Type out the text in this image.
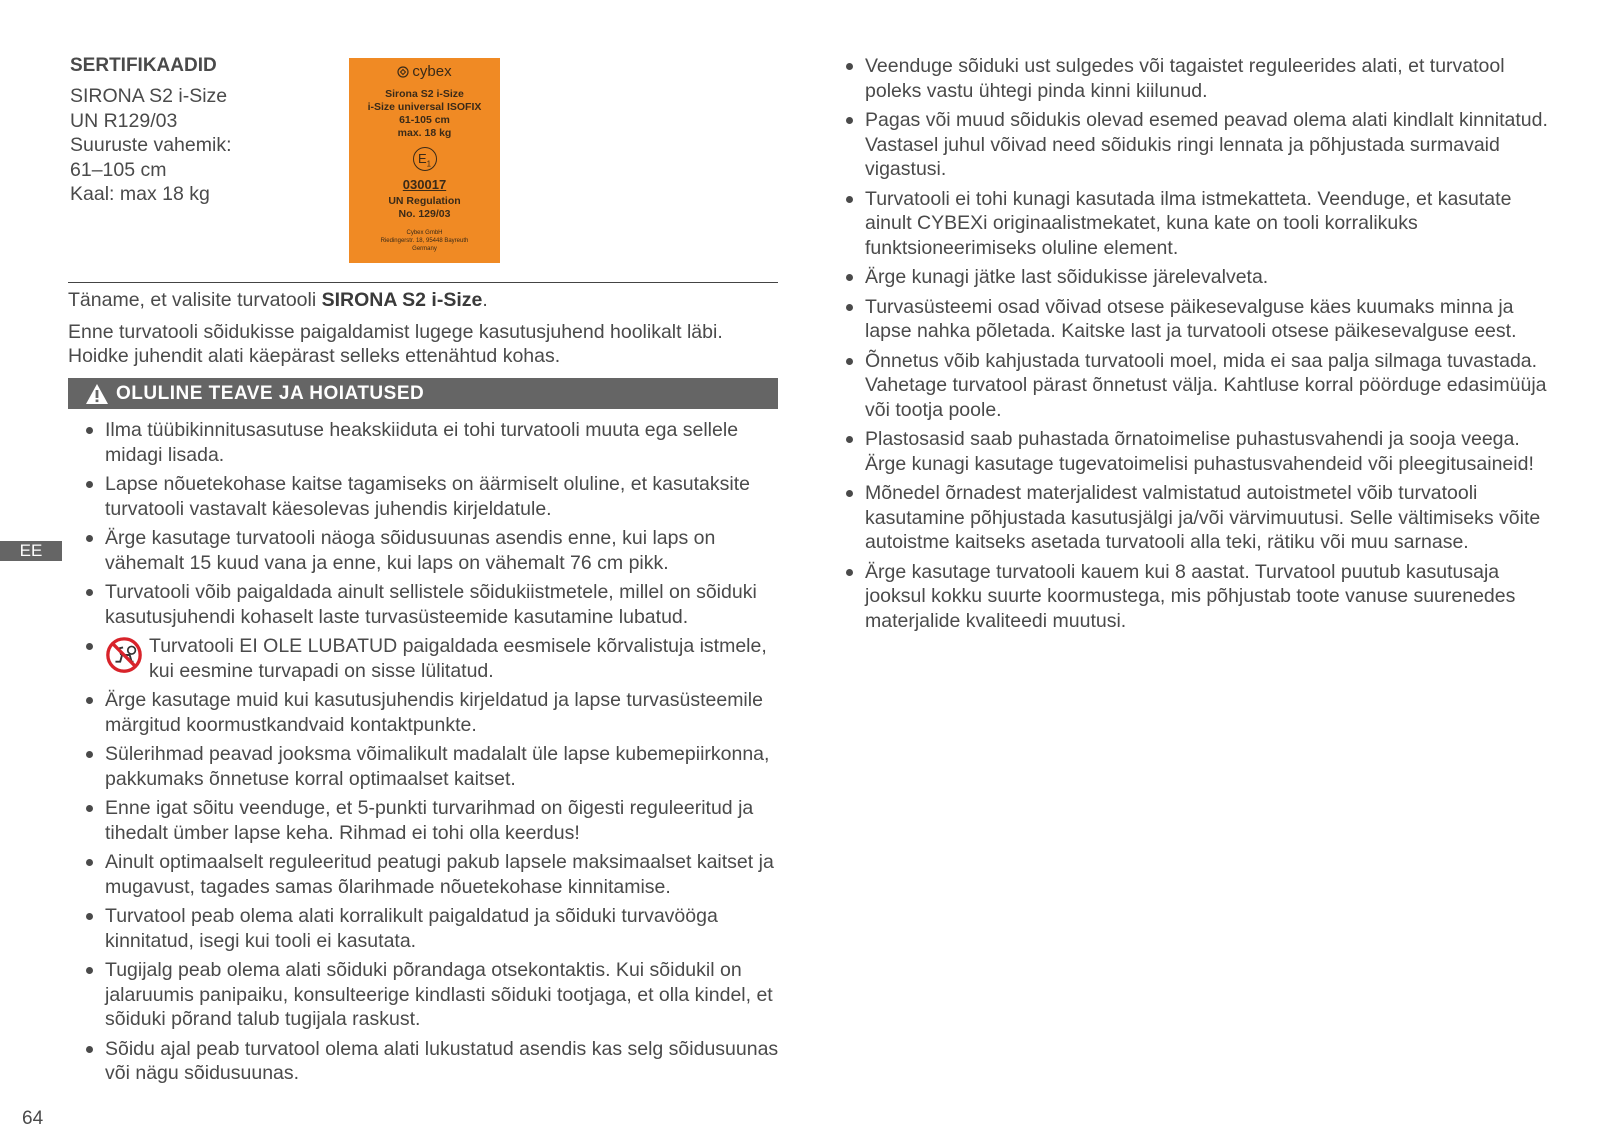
SERTIFIKAADID
SIRONA S2 i-Size
UN R129/03
Suuruste vahemik:
61–105 cm
Kaal: max 18 kg
cybex
Sirona S2 i-Size
i-Size universal ISOFIX
61-105 cm
max. 18 kg
$E_1$
030017
UN Regulation
No. 129/03
Cybex GmbH
Riedingerstr. 18, 95448 Bayreuth
Germany

Täname, et valisite turvatooli SIRONA S2 i-Size.

Enne turvatooli sõidukisse paigaldamist lugege kasutusjuhend hoolikalt läbi. Hoidke juhendit alati käepärast selleks ettenähtud kohas.

OLULINE TEAVE JA HOIATUSED
Ilma tüübikinnitusasutuse heakskiiduta ei tohi turvatooli muuta ega sellele midagi lisada.
Lapse nõuetekohase kaitse tagamiseks on äärmiselt oluline, et kasutaksite turvatooli vastavalt käesolevas juhendis kirjeldatule.
Ärge kasutage turvatooli näoga sõidusuunas asendis enne, kui laps on vähemalt 15 kuud vana ja enne, kui laps on vähemalt 76 cm pikk.
Turvatooli võib paigaldada ainult sellistele sõidukiistmetele, millel on sõiduki kasutusjuhendi kohaselt laste turvasüsteemide kasutamine lubatud.
Turvatooli EI OLE LUBATUD paigaldada eesmisele kõrvalistuja istmele, kui eesmine turvapadi on sisse lülitatud.
Ärge kasutage muid kui kasutusjuhendis kirjeldatud ja lapse turvasüsteemile märgitud koormustkandvaid kontaktpunkte.
Sülerihmad peavad jooksma võimalikult madalalt üle lapse kubemepiirkonna, pakkumaks õnnetuse korral optimaalset kaitset.
Enne igat sõitu veenduge, et 5-punkti turvarihmad on õigesti reguleeritud ja tihedalt ümber lapse keha. Rihmad ei tohi olla keerdus!
Ainult optimaalselt reguleeritud peatugi pakub lapsele maksimaalset kaitset ja mugavust, tagades samas õlarihmade nõuetekohase kinnitamise.
Turvatool peab olema alati korralikult paigaldatud ja sõiduki turvavööga kinnitatud, isegi kui tooli ei kasutata.
Tugijalg peab olema alati sõiduki põrandaga otsekontaktis. Kui sõidukil on jalaruumis panipaiku, konsulteerige kindlasti sõiduki tootjaga, et olla kindel, et sõiduki põrand talub tugijala raskust.
Sõidu ajal peab turvatool olema alati lukustatud asendis kas selg sõidusuunas või nägu sõidusuunas.
Veenduge sõiduki ust sulgedes või tagaistet reguleerides alati, et turvatool poleks vastu ühtegi pinda kinni kiilunud.
Pagas või muud sõidukis olevad esemed peavad olema alati kindlalt kinnitatud. Vastasel juhul võivad need sõidukis ringi lennata ja põhjustada surmavaid vigastusi.
Turvatooli ei tohi kunagi kasutada ilma istmekatteta. Veenduge, et kasutate ainult CYBEXi originaalistmekatet, kuna kate on tooli korralikuks funktsioneerimiseks oluline element.
Ärge kunagi jätke last sõidukisse järelevalveta.
Turvasüsteemi osad võivad otsese päikesevalguse käes kuumaks minna ja lapse nahka põletada. Kaitske last ja turvatooli otsese päikesevalguse eest.
Õnnetus võib kahjustada turvatooli moel, mida ei saa palja silmaga tuvastada. Vahetage turvatool pärast õnnetust välja. Kahtluse korral pöörduge edasimüüja või tootja poole.
Plastosasid saab puhastada õrnatoimelise puhastusvahendi ja sooja veega. Ärge kunagi kasutage tugevatoimelisi puhastusvahendeid või pleegitusaineid!
Mõnedel õrnadest materjalidest valmistatud autoistmetel võib turvatooli kasutamine põhjustada kasutusjälgi ja/või värvimuutusi. Selle vältimiseks võite autoistme kaitseks asetada turvatooli alla teki, rätiku või muu sarnase.
Ärge kasutage turvatooli kauem kui 8 aastat. Turvatool puutub kasutusaja jooksul kokku suurte koormustega, mis põhjustab toote vanuse suurenedes materjalide kvaliteedi muutusi.
EE
64
